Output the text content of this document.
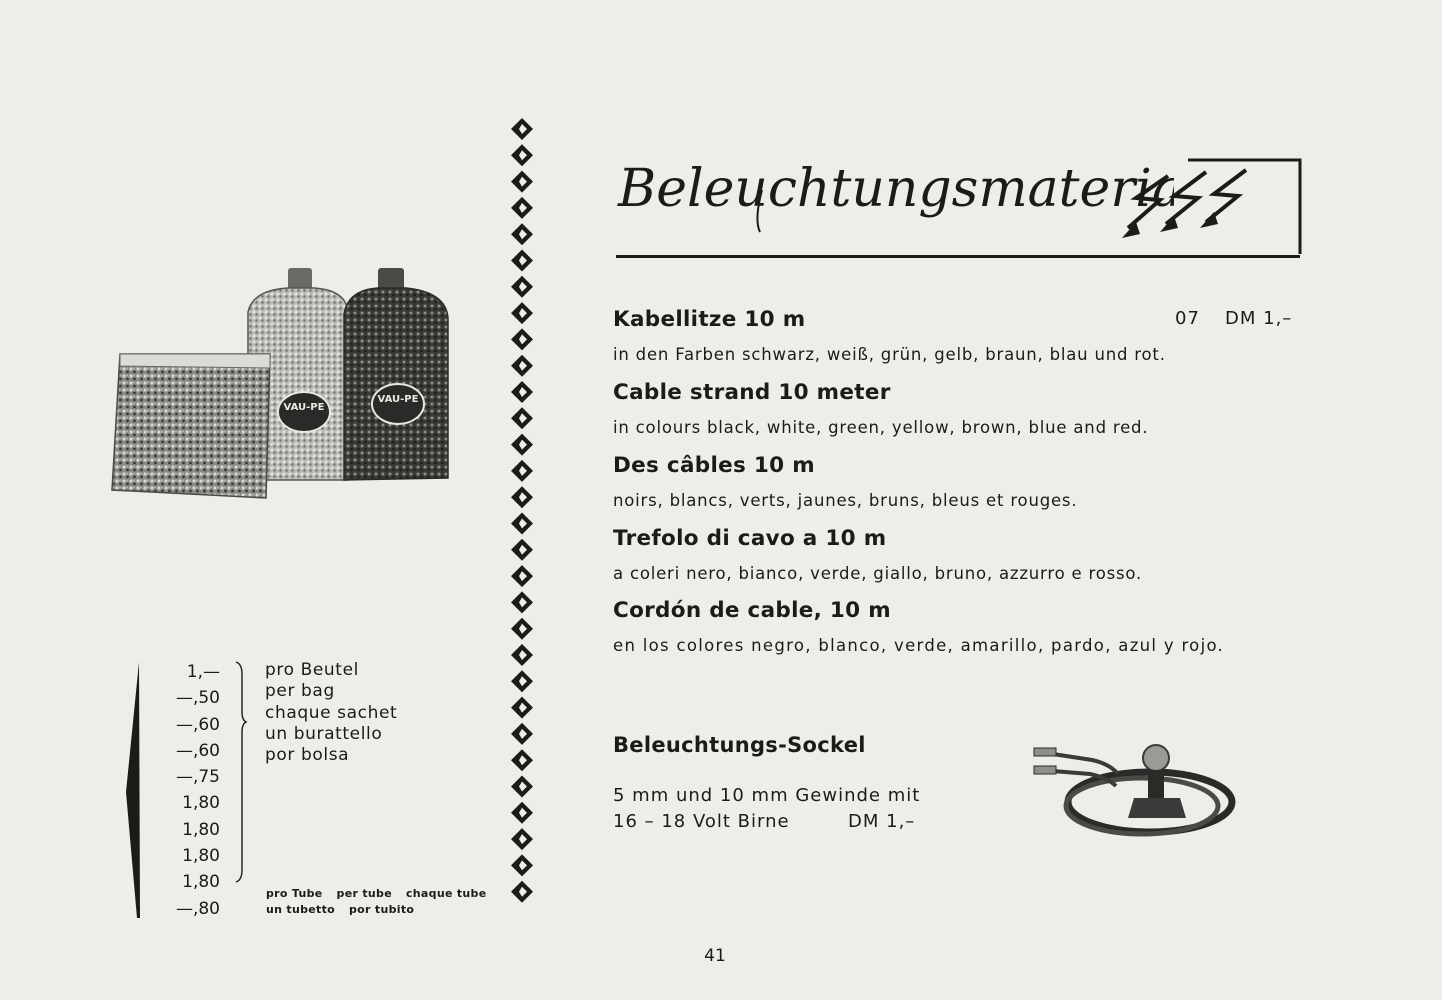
VAU-PE
VAU-PE
1,—
—,50
—,60
—,60
—,75
1,80
1,80
1,80
1,80
—,80
pro Beutel
per bag
chaque sachet
un burattello
por bolsa
pro Tube per tube chaque tube
un tubetto por tubito
Beleuchtungsmaterial
07 DM 1,–
Kabellitze 10 m
in den Farben schwarz, weiß, grün, gelb, braun, blau und rot.
Cable strand 10 meter
in colours black, white, green, yellow, brown, blue and red.
Des câbles 10 m
noirs, blancs, verts, jaunes, bruns, bleus et rouges.
Trefolo di cavo a 10 m
a coleri nero, bianco, verde, giallo, bruno, azzurro e rosso.
Cordón de cable, 10 m
en los colores negro, blanco, verde, amarillo, pardo, azul y rojo.
Beleuchtungs-Sockel
5 mm und 10 mm Gewinde mit
16 – 18 Volt Birne	DM 1,–
41
